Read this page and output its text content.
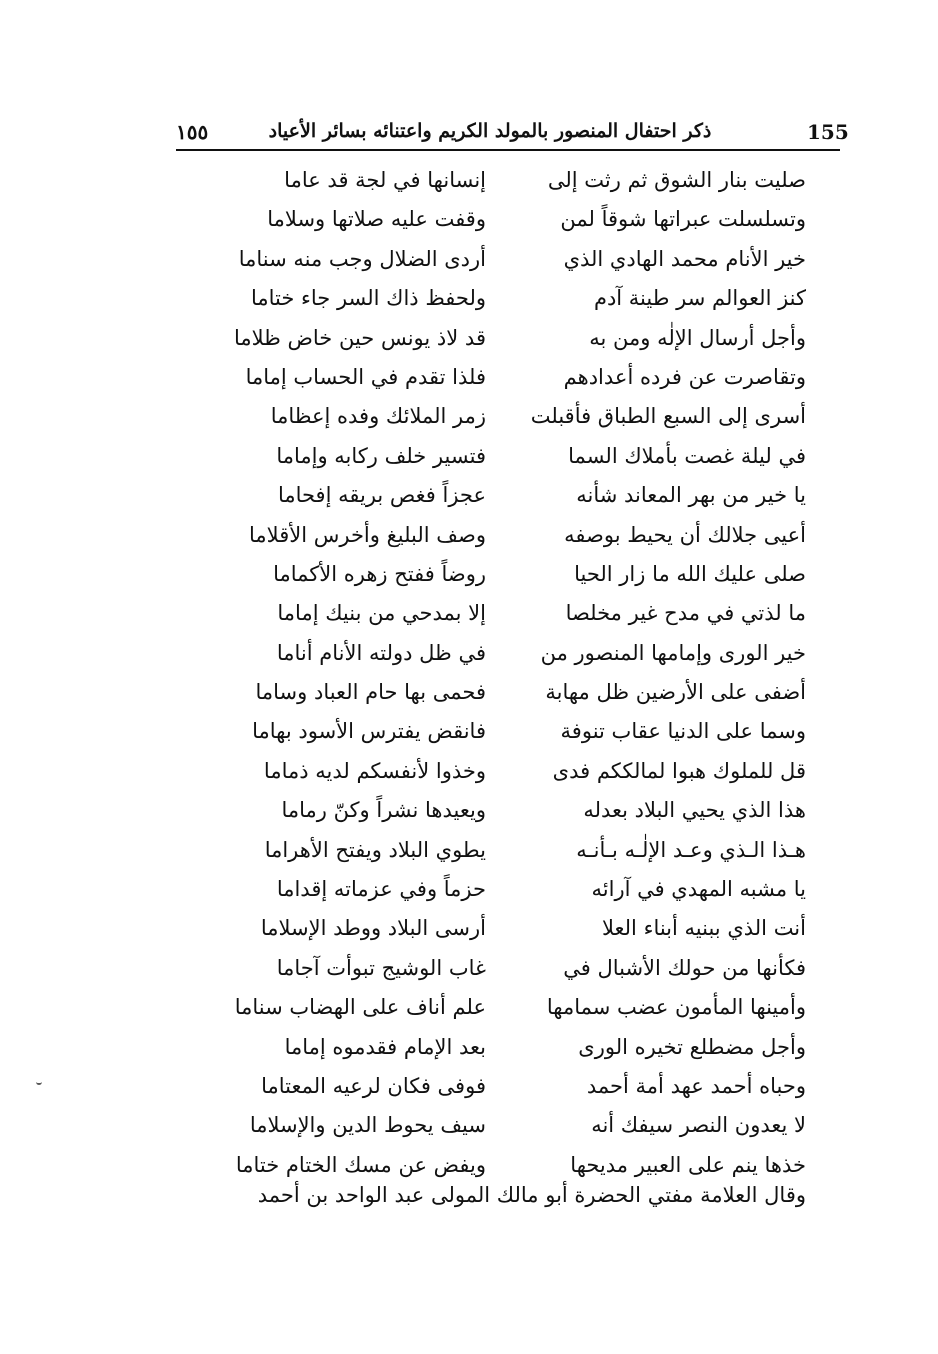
155
ذكر احتفال المنصور بالمولد الكريم واعتنائه بسائر الأعياد
١٥٥
صليت بنار الشوق ثم رثت إلى
إنسانها في لجة قد عاما
وتسلسلت عبراتها شوقاً لمن
وقفت عليه صلاتها وسلاما
خير الأنام محمد الهادي الذي
أردى الضلال وجب منه سناما
كنز العوالم سر طينة آدم
ولحفظ ذاك السر جاء ختاما
وأجل أرسال الإلٰه ومن به
قد لاذ يونس حين خاض ظلاما
وتقاصرت عن فرده أعدادهم
فلذا تقدم في الحساب إماما
أسرى إلى السبع الطباق فأقبلت
زمر الملائك وفده إعظاما
في ليلة غصت بأملاك السما
فتسير خلف ركابه وإماما
يا خير من بهر المعاند شأنه
عجزاً فغص بريقه إفحاما
أعيى جلالك أن يحيط بوصفه
وصف البليغ وأخرس الأقلاما
صلى عليك الله ما زار الحيا
روضاً ففتح زهره الأكماما
ما لذتي في مدح غير مخلصا
إلا بمدحي من بنيك إماما
خير الورى وإمامها المنصور من
في ظل دولته الأنام أناما
أضفى على الأرضين ظل مهابة
فحمى بها حام العباد وساما
وسما على الدنيا عقاب تنوفة
فانقض يفترس الأسود بهاما
قل للملوك هبوا لمالككم فدى
وخذوا لأنفسكم لديه ذماما
هذا الذي يحيي البلاد بعدله
ويعيدها نشراً وكنّ رماما
هـذا الـذي وعـد الإلٰـه بـأنـه
يطوي البلاد ويفتح الأهراما
يا مشبه المهدي في آرائه
حزماً وفي عزماته إقداما
أنت الذي ببنيه أبناء العلا
أرسى البلاد ووطد الإسلاما
فكأنها من حولك الأشبال في
غاب الوشيج تبوأت آجاما
وأمينها المأمون عضب سمامها
علم أناف على الهضاب سناما
وأجل مضطلع تخيره الورى
بعد الإمام فقدموه إماما
وحباه أحمد عهد أمة أحمد
فوفى فكان لرعيه المعتاما
لا يعدون النصر سيفك أنه
سيف يحوط الدين والإسلاما
خذها ينم على العبير مديحها
ويفض عن مسك الختام ختاما
وقال العلامة مفتي الحضرة أبو مالك المولى عبد الواحد بن أحمد
